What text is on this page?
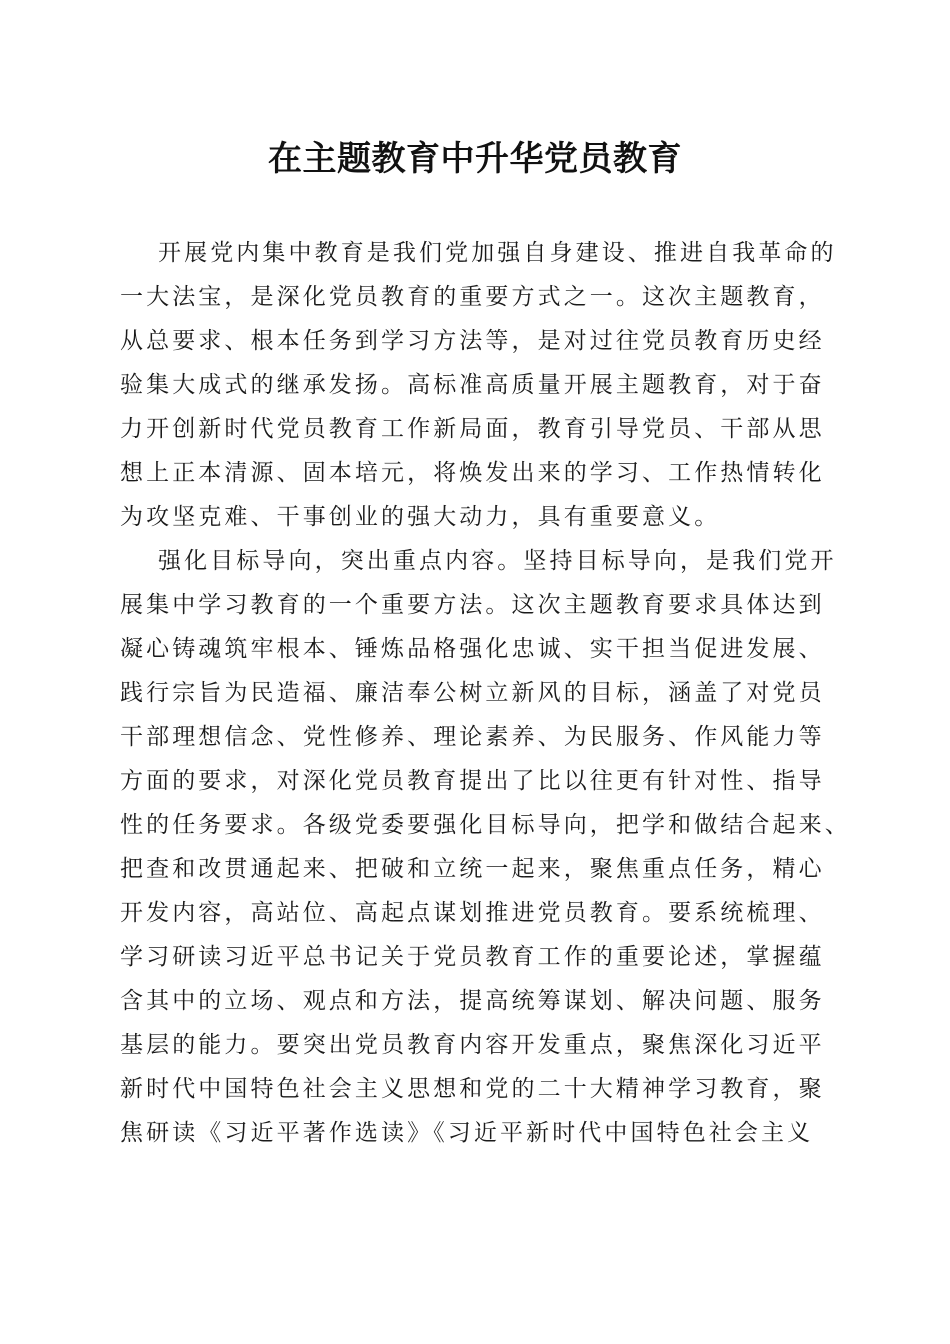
在主题教育中升华党员教育
开展党内集中教育是我们党加强自身建设、推进自我革命的
一大法宝，是深化党员教育的重要方式之一。这次主题教育，
从总要求、根本任务到学习方法等，是对过往党员教育历史经
验集大成式的继承发扬。高标准高质量开展主题教育，对于奋
力开创新时代党员教育工作新局面，教育引导党员、干部从思
想上正本清源、固本培元，将焕发出来的学习、工作热情转化
为攻坚克难、干事创业的强大动力，具有重要意义。
强化目标导向，突出重点内容。坚持目标导向，是我们党开
展集中学习教育的一个重要方法。这次主题教育要求具体达到
凝心铸魂筑牢根本、锤炼品格强化忠诚、实干担当促进发展、
践行宗旨为民造福、廉洁奉公树立新风的目标，涵盖了对党员
干部理想信念、党性修养、理论素养、为民服务、作风能力等
方面的要求，对深化党员教育提出了比以往更有针对性、指导
性的任务要求。各级党委要强化目标导向，把学和做结合起来、
把查和改贯通起来、把破和立统一起来，聚焦重点任务，精心
开发内容，高站位、高起点谋划推进党员教育。要系统梳理、
学习研读习近平总书记关于党员教育工作的重要论述，掌握蕴
含其中的立场、观点和方法，提高统筹谋划、解决问题、服务
基层的能力。要突出党员教育内容开发重点，聚焦深化习近平
新时代中国特色社会主义思想和党的二十大精神学习教育，聚
焦研读《习近平著作选读》《习近平新时代中国特色社会主义
